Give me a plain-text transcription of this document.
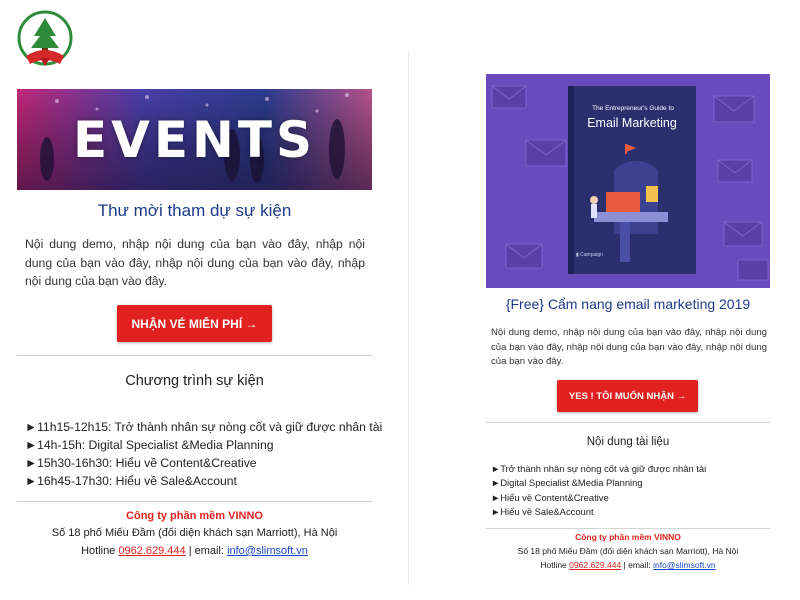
EVENTS
Thư mời tham dự sự kiện
Nội dung demo, nhập nội dung của bạn vào đây, nhập nội dung của bạn vào đây, nhập nội dung của bạn vào đây, nhập nội dung của bạn vào đây.
NHẬN VÉ MIỄN PHÍ →
Chương trình sự kiện
►11h15-12h15: Trở thành nhân sự nòng cốt và giữ được nhân tài
►14h-15h: Digital Specialist &Media Planning
►15h30-16h30: Hiểu về Content&Creative
►16h45-17h30: Hiểu về Sale&Account
Công ty phần mềm VINNO
Số 18 phố Miếu Đầm (đối diện khách sạn Marriott), Hà Nội
Hotline 0962.629.444 | email: info@slimsoft.vn
▮ Campaign
The Entrepreneur's Guide to
Email Marketing
{Free} Cẩm nang email marketing 2019
Nội dung demo, nhập nội dung của bạn vào đây, nhập nội dung của bạn vào đây, nhập nội dung của bạn vào đây, nhập nội dung của bạn vào đây.
YES ! TÔI MUỐN NHẬN →
Nội dung tài liệu
►Trở thành nhân sự nòng cốt và giữ được nhân tài
►Digital Specialist &Media Planning
►Hiểu về Content&Creative
►Hiểu về Sale&Account
Công ty phần mềm VINNO
Số 18 phố Miếu Đầm (đối diện khách sạn Marriott), Hà Nội
Hotline 0962.629.444 | email: info@slimsoft.vn
